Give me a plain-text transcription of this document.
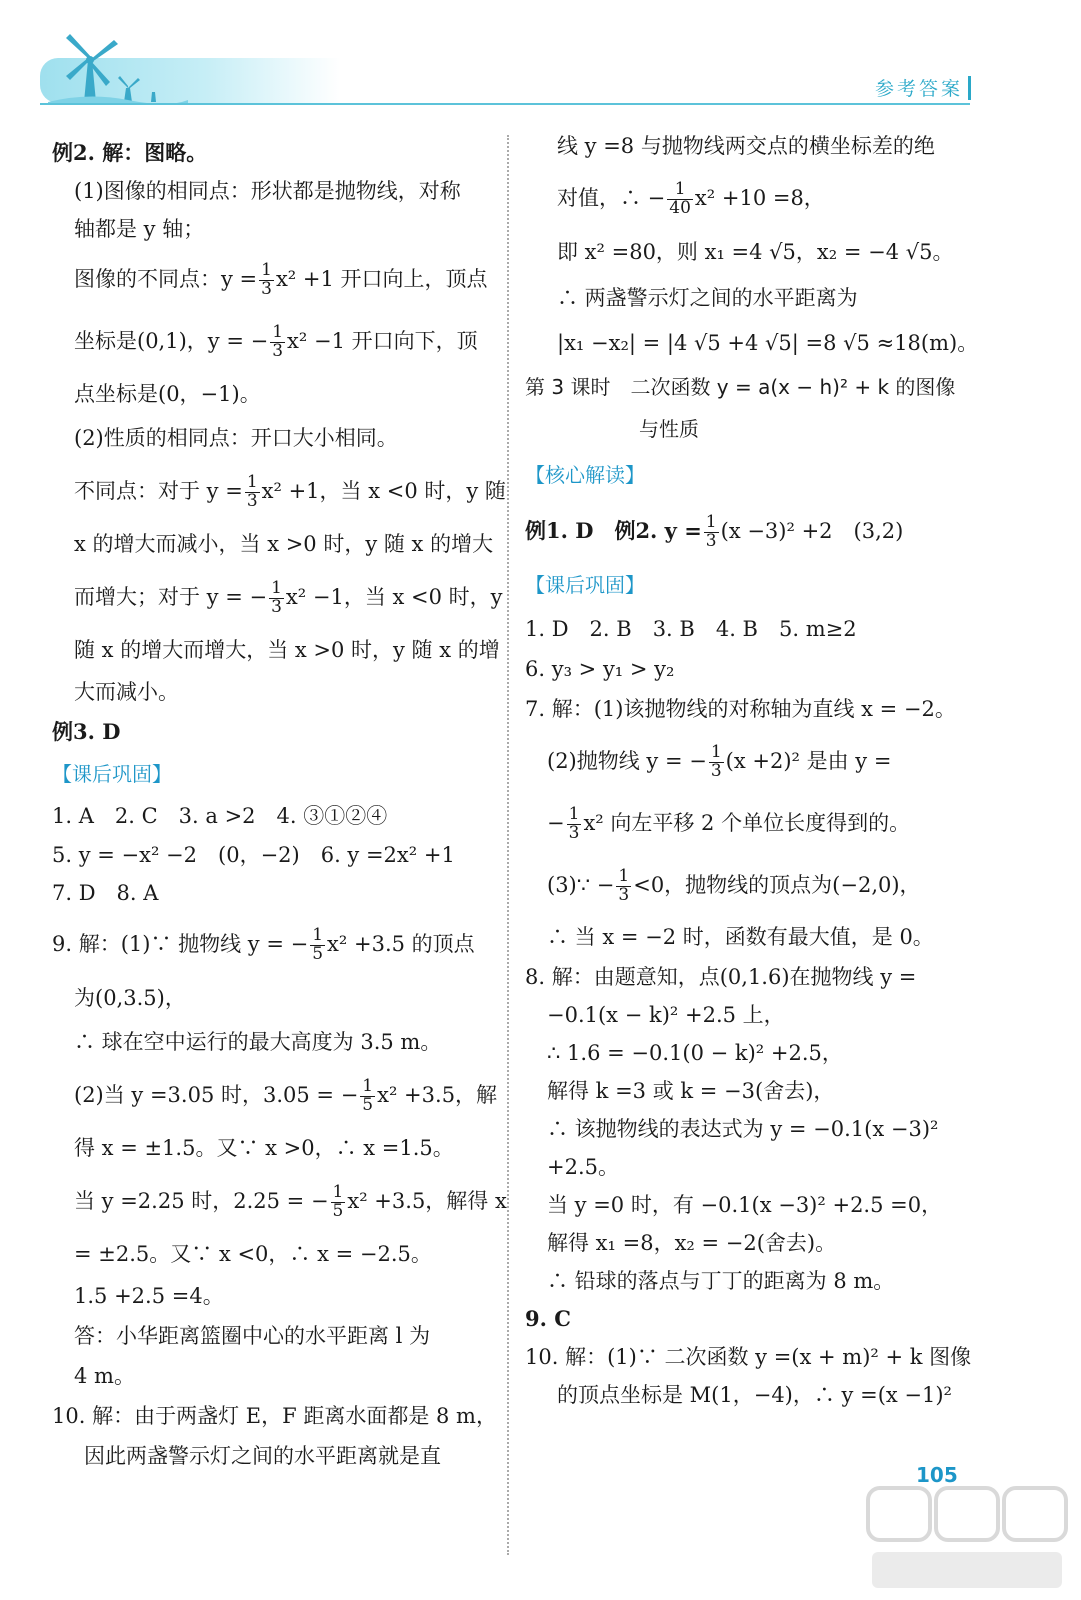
参考答案
例2. 解：图略。
(1)图像的相同点：形状都是抛物线，对称
轴都是 y 轴；
图像的不同点：$y = \frac{1}{3} x^2 +1$ 开口向上，顶点
坐标是(0,1)，y = − $\frac{1}{3} x^2 -1$ 开口向下，顶
点坐标是(0，−1)。
(2)性质的相同点：开口大小相同。
不同点：对于 $y = \frac{1}{3} x^2 +1$，当 x <0 时，y 随
x 的增大而减小，当 x >0 时，y 随 x 的增大
而增大；对于 y = − $\frac{1}{3} x^2 -1$，当 x <0 时，y
随 x 的增大而增大，当 x >0 时，y 随 x 的增
大而减小。
例3. D
【课后巩固】
1. A　2. C　3. a >2　4. ③①②④
5. y = −x² −2　(0，−2)　6. y =2x² +1
7. D　8. A
9. 解：(1)∵ 抛物线 y = − $\frac{1}{5} x^2 +3.5$ 的顶点
为(0,3.5)，
∴ 球在空中运行的最大高度为 3.5 m。
(2)当 y =3.05 时，3.05 = − $\frac{1}{5} x^2 +3.5$，解
得 x = ±1.5。又∵ x >0，∴ x =1.5。
当 y =2.25 时，2.25 = − $\frac{1}{5} x^2 +3.5$，解得 x
= ±2.5。又∵ x <0，∴ x = −2.5。
1.5 +2.5 =4。
答：小华距离篮圈中心的水平距离 l 为
4 m。
10. 解：由于两盏灯 E，F 距离水面都是 8 m，
因此两盏警示灯之间的水平距离就是直
线 y =8 与抛物线两交点的横坐标差的绝
对值，∴ − $\frac{1}{40} x^2 +10 =8$，
即 x² =80，则 x₁ =4 √5，x₂ = −4 √5。
∴ 两盏警示灯之间的水平距离为
|x₁ −x₂| = |4 √5 +4 √5| =8 √5 ≈18(m)。
第 3 课时　二次函数 y = a(x − h)² + k 的图像
与性质
【核心解读】
例1. D　例2. $y = \frac{1}{3} (x -3)^2 +2$　(3,2)
【课后巩固】
1. D　2. B　3. B　4. B　5. m≥2
6. y₃ > y₁ > y₂
7. 解：(1)该抛物线的对称轴为直线 x = −2。
(2)抛物线 y = − $\frac{1}{3} (x +2)^2$ 是由 y =
− $\frac{1}{3} x^2$ 向左平移 2 个单位长度得到的。
(3)∵ − $\frac{1}{3} <0$，抛物线的顶点为(−2,0)，
∴ 当 x = −2 时，函数有最大值，是 0。
8. 解：由题意知，点(0,1.6)在抛物线 y =
−0.1(x − k)² +2.5 上，
∴ 1.6 = −0.1(0 − k)² +2.5，
解得 k =3 或 k = −3(舍去)，
∴ 该抛物线的表达式为 y = −0.1(x −3)²
+2.5。
当 y =0 时，有 −0.1(x −3)² +2.5 =0，
解得 x₁ =8，x₂ = −2(舍去)。
∴ 铅球的落点与丁丁的距离为 8 m。
9. C
10. 解：(1)∵ 二次函数 y =(x + m)² + k 图像
的顶点坐标是 M(1，−4)，∴ y =(x −1)²
105
